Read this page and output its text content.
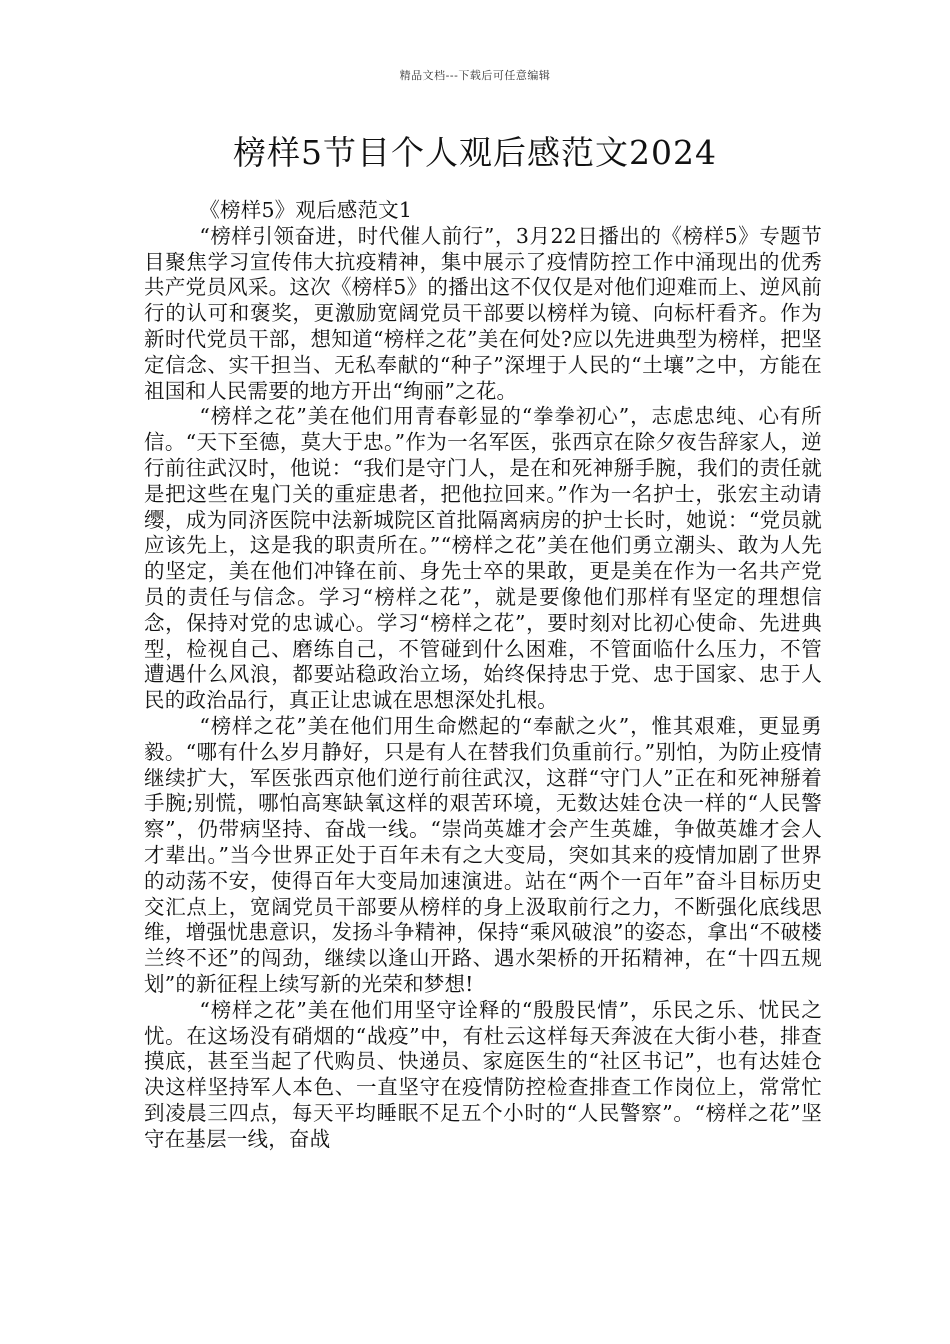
精品文档---下载后可任意编辑
榜样5节目个人观后感范文2024

《榜样5》观后感范文1

“榜样引领奋进，时代催人前行”，3月22日播出的《榜样5》专题节目聚焦学习宣传伟大抗疫精神，集中展示了疫情防控工作中涌现出的优秀共产党员风采。这次《榜样5》的播出这不仅仅是对他们迎难而上、逆风前行的认可和褒奖，更激励宽阔党员干部要以榜样为镜、向标杆看齐。作为新时代党员干部，想知道“榜样之花”美在何处?应以先进典型为榜样，把坚定信念、实干担当、无私奉献的“种子”深埋于人民的“土壤”之中，方能在祖国和人民需要的地方开出“绚丽”之花。

“榜样之花”美在他们用青春彰显的“拳拳初心”，志虑忠纯、心有所信。“天下至德，莫大于忠。”作为一名军医，张西京在除夕夜告辞家人，逆行前往武汉时，他说：“我们是守门人，是在和死神掰手腕，我们的责任就是把这些在鬼门关的重症患者，把他拉回来。”作为一名护士，张宏主动请缨，成为同济医院中法新城院区首批隔离病房的护士长时，她说：“党员就应该先上，这是我的职责所在。”“榜样之花”美在他们勇立潮头、敢为人先的坚定，美在他们冲锋在前、身先士卒的果敢，更是美在作为一名共产党员的责任与信念。学习“榜样之花”，就是要像他们那样有坚定的理想信念，保持对党的忠诚心。学习“榜样之花”，要时刻对比初心使命、先进典型，检视自己、磨练自己，不管碰到什么困难，不管面临什么压力，不管遭遇什么风浪，都要站稳政治立场，始终保持忠于党、忠于国家、忠于人民的政治品行，真正让忠诚在思想深处扎根。

“榜样之花”美在他们用生命燃起的“奉献之火”，惟其艰难，更显勇毅。“哪有什么岁月静好，只是有人在替我们负重前行。”别怕，为防止疫情继续扩大，军医张西京他们逆行前往武汉，这群“守门人”正在和死神掰着手腕;别慌，哪怕高寒缺氧这样的艰苦环境，无数达娃仓决一样的“人民警察”，仍带病坚持、奋战一线。“崇尚英雄才会产生英雄，争做英雄才会人才辈出。”当今世界正处于百年未有之大变局，突如其来的疫情加剧了世界的动荡不安，使得百年大变局加速演进。站在“两个一百年”奋斗目标历史交汇点上，宽阔党员干部要从榜样的身上汲取前行之力，不断强化底线思维，增强忧患意识，发扬斗争精神，保持“乘风破浪”的姿态，拿出“不破楼兰终不还”的闯劲，继续以逢山开路、遇水架桥的开拓精神，在“十四五规划”的新征程上续写新的光荣和梦想!

“榜样之花”美在他们用坚守诠释的“殷殷民情”，乐民之乐、忧民之忧。在这场没有硝烟的“战疫”中，有杜云这样每天奔波在大街小巷，排查摸底，甚至当起了代购员、快递员、家庭医生的“社区书记”，也有达娃仓决这样坚持军人本色、一直坚守在疫情防控检查排查工作岗位上，常常忙到凌晨三四点，每天平均睡眠不足五个小时的“人民警察”。“榜样之花”坚守在基层一线，奋战
